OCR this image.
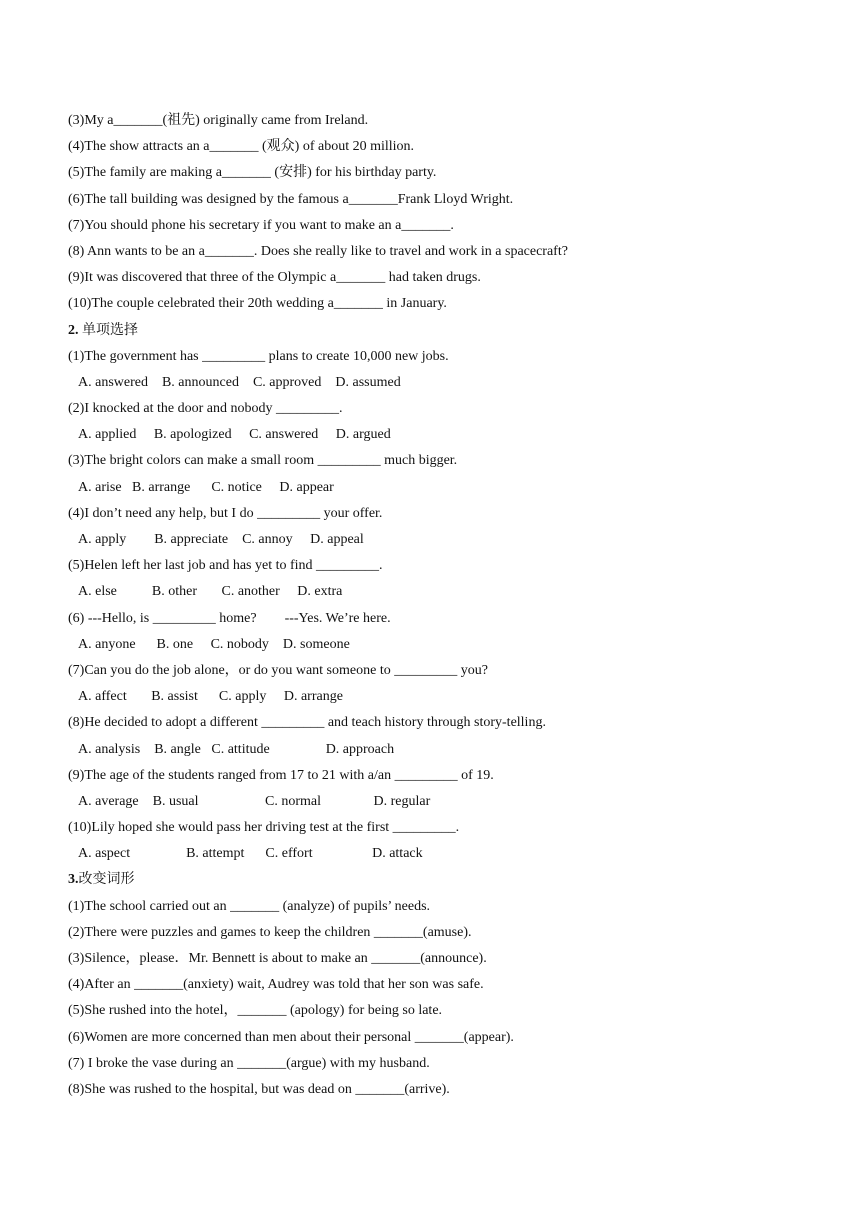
(3)My a_______(祖先) originally came from Ireland.
(4)The show attracts an a_______ (观众) of about 20 million.
(5)The family are making a_______ (安排) for his birthday party.
(6)The tall building was designed by the famous a_______Frank Lloyd Wright.
(7)You should phone his secretary if you want to make an a_______.
(8) Ann wants to be an a_______. Does she really like to travel and work in a spacecraft?
(9)It was discovered that three of the Olympic a_______ had taken drugs.
(10)The couple celebrated their 20th wedding a_______ in January.
2. 单项选择
(1)The government has _________ plans to create 10,000 new jobs.
A. answered    B. announced    C. approved    D. assumed
(2)I knocked at the door and nobody _________.
A. applied     B. apologized     C. answered     D. argued
(3)The bright colors can make a small room _________ much bigger.
A. arise   B. arrange      C. notice     D. appear
(4)I don’t need any help, but I do _________ your offer.
A. apply        B. appreciate    C. annoy     D. appeal
(5)Helen left her last job and has yet to find _________.
A. else          B. other       C. another     D. extra
(6) ---Hello, is _________ home?        ---Yes. We’re here.
A. anyone      B. one     C. nobody    D. someone
(7)Can you do the job alone，or do you want someone to _________ you?
A. affect       B. assist      C. apply     D. arrange
(8)He decided to adopt a different _________ and teach history through story-telling.
A. analysis    B. angle   C. attitude                D. approach
(9)The age of the students ranged from 17 to 21 with a/an _________ of 19.
A. average    B. usual                   C. normal               D. regular
(10)Lily hoped she would pass her driving test at the first _________.
A. aspect                B. attempt      C. effort                 D. attack
3.改变词形
(1)The school carried out an _______ (analyze) of pupils’ needs.
(2)There were puzzles and games to keep the children _______(amuse).
(3)Silence，please．Mr. Bennett is about to make an _______(announce).
(4)After an _______(anxiety) wait, Audrey was told that her son was safe.
(5)She rushed into the hotel，_______ (apology) for being so late.
(6)Women are more concerned than men about their personal _______(appear).
(7) I broke the vase during an _______(argue) with my husband.
(8)She was rushed to the hospital, but was dead on _______(arrive).
